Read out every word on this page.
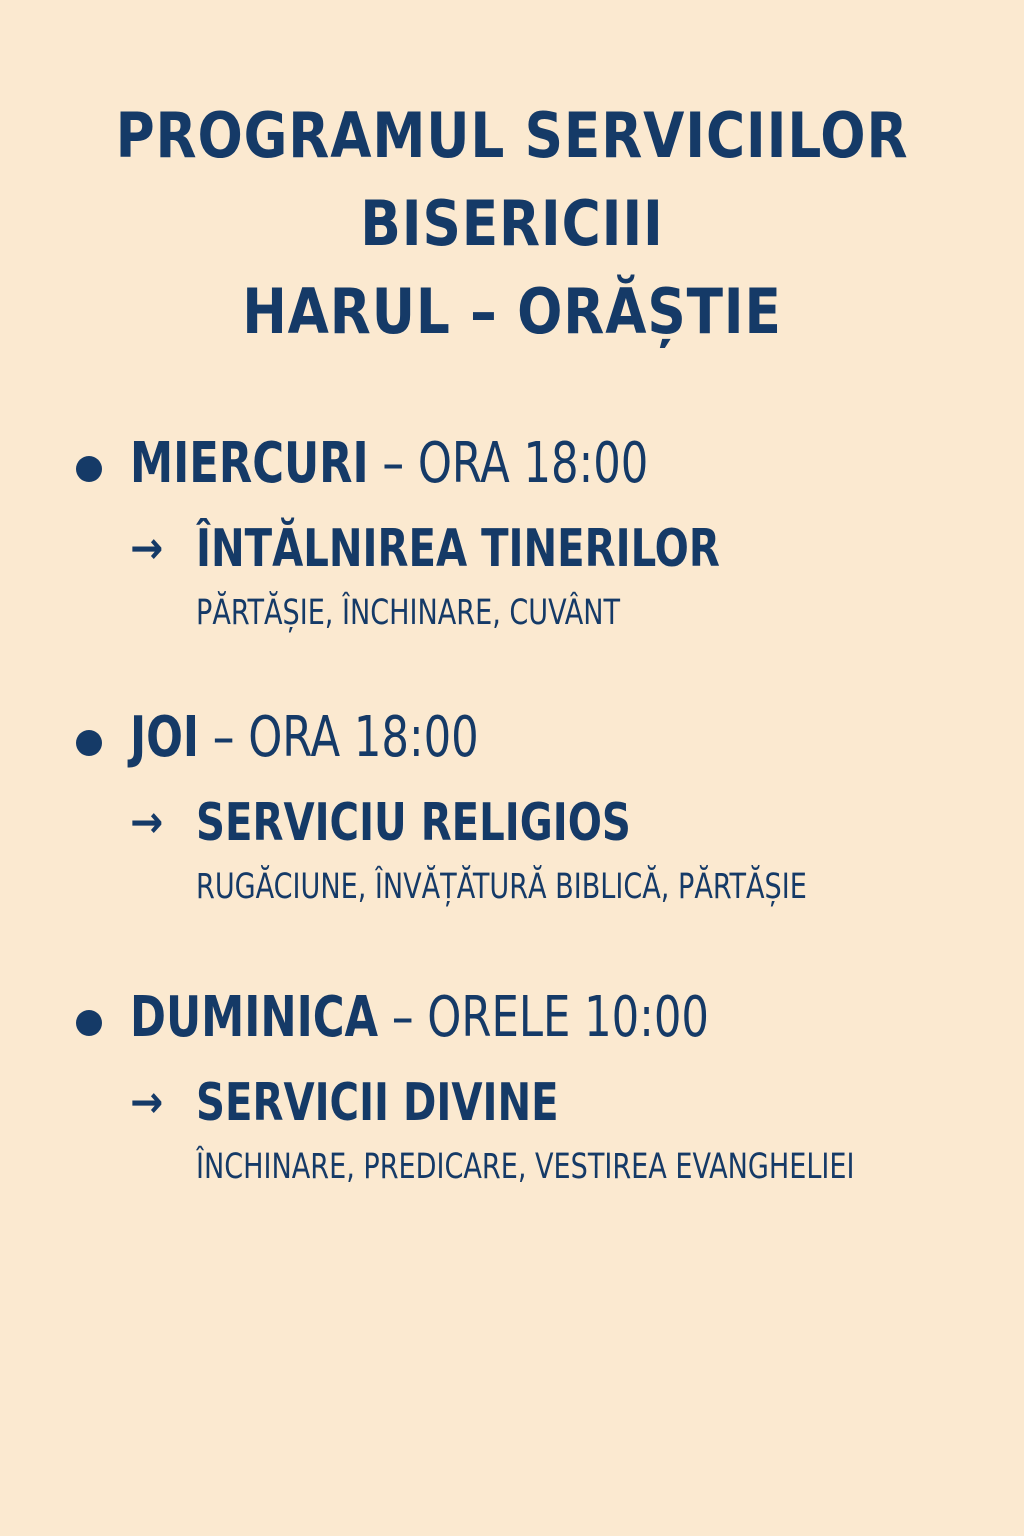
PROGRAMUL SERVICIILOR
BISERICIII
HARUL – ORĂȘTIE
MIERCURI – ORA 18:00
→ ÎNTĂLNIREA TINERILOR
PĂRTĂȘIE, ÎNCHINARE, CUVÂNT
JOI – ORA 18:00
→ SERVICIU RELIGIOS
RUGĂCIUNE, ÎNVĂȚĂTURĂ BIBLICĂ, PĂRTĂȘIE
DUMINICA – ORELE 10:00
→ SERVICII DIVINE
ÎNCHINARE, PREDICARE, VESTIREA EVANGHELIEI
